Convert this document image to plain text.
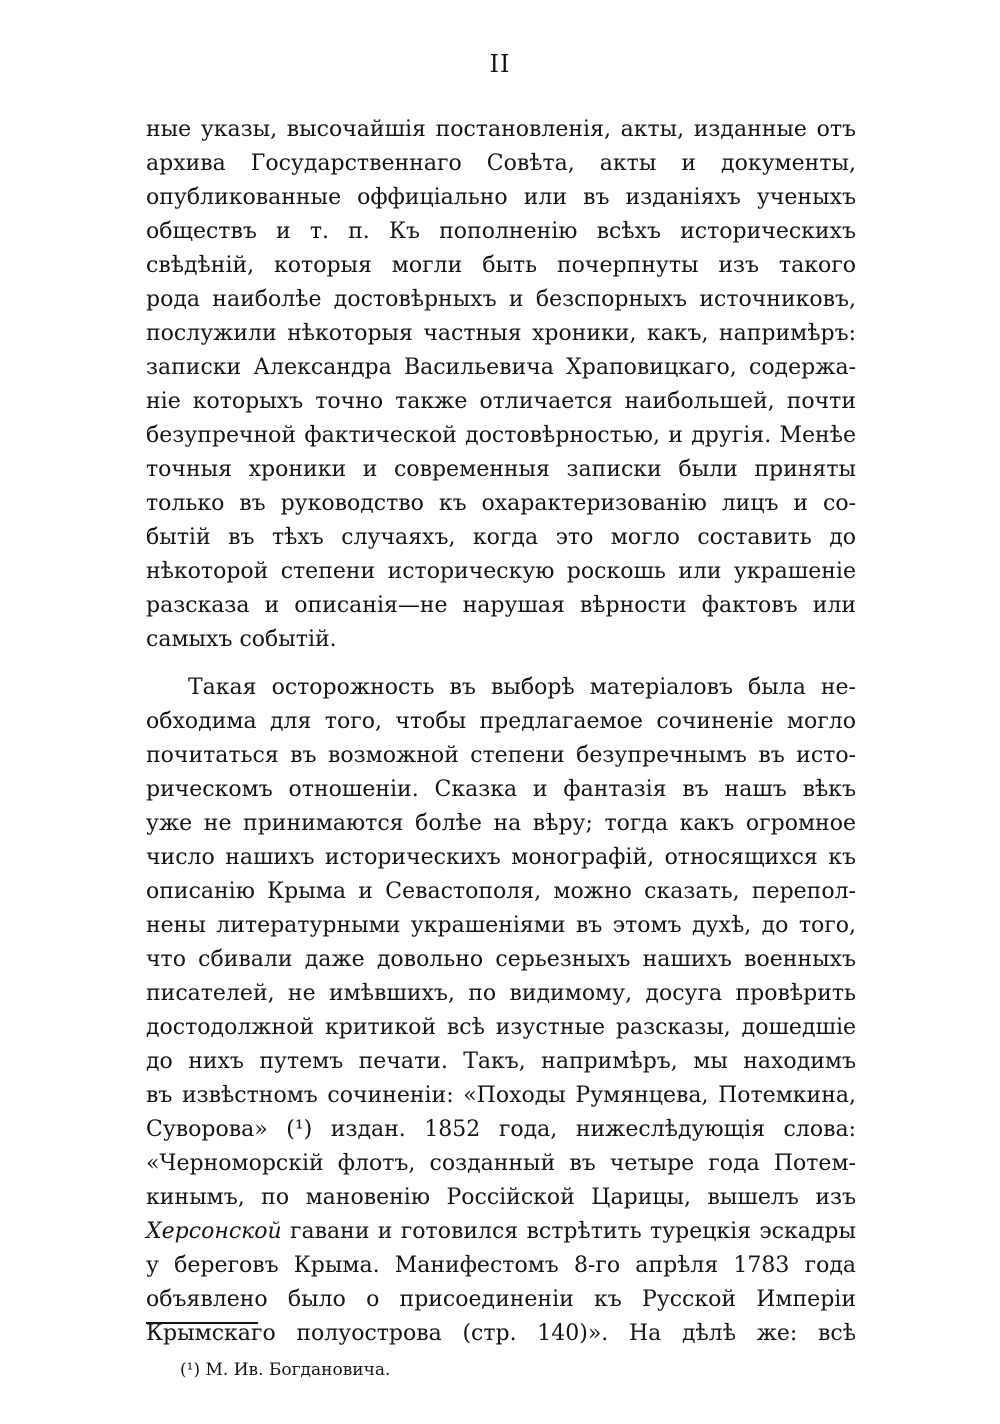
II
ные указы, высочайшія постановленія, акты, изданные отъ
архива Государственнаго Совѣта, акты и документы,
опубликованные оффиціально или въ изданіяхъ ученыхъ
обществъ и т. п. Къ пополненію всѣхъ историческихъ
свѣдѣній, которыя могли быть почерпнуты изъ такого
рода наиболѣе достовѣрныхъ и безспорныхъ источниковъ,
послужили нѣкоторыя частныя хроники, какъ, напримѣръ:
записки Александра Васильевича Храповицкаго, содержа-
ніе которыхъ точно также отличается наибольшей, почти
безупречной фактической достовѣрностью, и другія. Менѣе
точныя хроники и современныя записки были приняты
только въ руководство къ охарактеризованію лицъ и со-
бытій въ тѣхъ случаяхъ, когда это могло составить до
нѣкоторой степени историческую роскошь или украшеніе
разсказа и описанія—не нарушая вѣрности фактовъ или
самыхъ событій.
Такая осторожность въ выборѣ матеріаловъ была не-
обходима для того, чтобы предлагаемое сочиненіе могло
почитаться въ возможной степени безупречнымъ въ исто-
рическомъ отношеніи. Сказка и фантазія въ нашъ вѣкъ
уже не принимаются болѣе на вѣру; тогда какъ огромное
число нашихъ историческихъ монографій, относящихся къ
описанію Крыма и Севастополя, можно сказать, перепол-
нены литературными украшеніями въ этомъ духѣ, до того,
что сбивали даже довольно серьезныхъ нашихъ военныхъ
писателей, не имѣвшихъ, по видимому, досуга провѣрить
достодолжной критикой всѣ изустные разсказы, дошедшіе
до нихъ путемъ печати. Такъ, напримѣръ, мы находимъ
въ извѣстномъ сочиненіи: «Походы Румянцева, Потемкина,
Суворова» (¹) издан. 1852 года, нижеслѣдующія слова:
«Черноморскій флотъ, созданный въ четыре года Потем-
кинымъ, по мановенію Россійской Царицы, вышелъ изъ
Херсонской гавани и готовился встрѣтить турецкія эскадры
у береговъ Крыма. Манифестомъ 8-го апрѣля 1783 года
объявлено было о присоединеніи къ Русской Имперіи
Крымскаго полуострова (стр. 140)». На дѣлѣ же: всѣ
(¹) М. Ив. Богдановича.
